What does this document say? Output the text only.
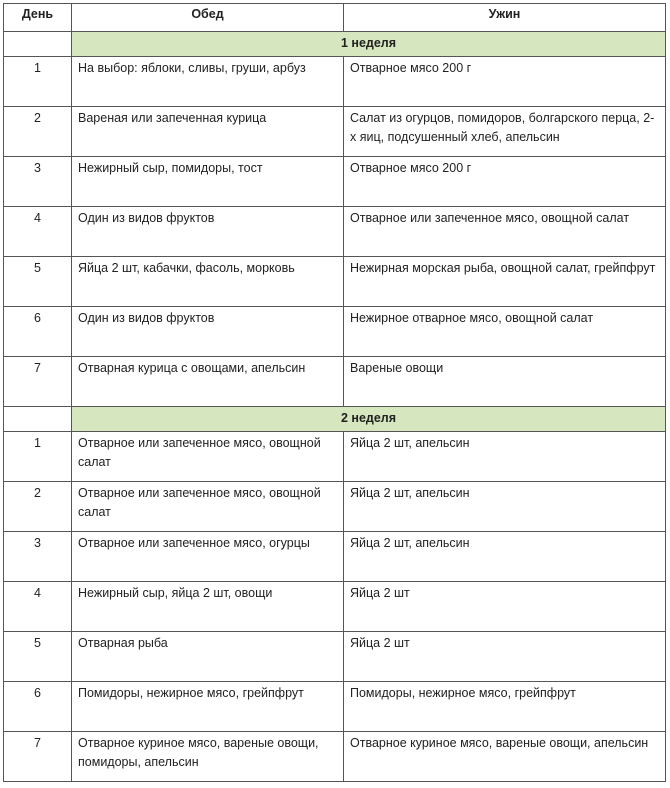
День	Обед	Ужин
	1 неделя	
1	На выбор: яблоки, сливы, груши, арбуз	Отварное мясо 200 г
2	Вареная или запеченная курица	Салат из огурцов, помидоров, болгарского перца, 2-х яиц, подсушенный хлеб, апельсин
3	Нежирный сыр, помидоры, тост	Отварное мясо 200 г
4	Один из видов фруктов	Отварное или запеченное мясо, овощной салат
5	Яйца 2 шт, кабачки, фасоль, морковь	Нежирная морская рыба, овощной салат, грейпфрут
6	Один из видов фруктов	Нежирное отварное мясо, овощной салат
7	Отварная курица с овощами, апельсин	Вареные овощи
	2 неделя	
1	Отварное или запеченное мясо, овощной салат	Яйца 2 шт, апельсин
2	Отварное или запеченное мясо, овощной салат	Яйца 2 шт, апельсин
3	Отварное или запеченное мясо, огурцы	Яйца 2 шт, апельсин
4	Нежирный сыр, яйца 2 шт, овощи	Яйца 2 шт
5	Отварная рыба	Яйца 2 шт
6	Помидоры, нежирное мясо, грейпфрут	Помидоры, нежирное мясо, грейпфрут
7	Отварное куриное мясо, вареные овощи, помидоры, апельсин	Отварное куриное мясо, вареные овощи, апельсин
